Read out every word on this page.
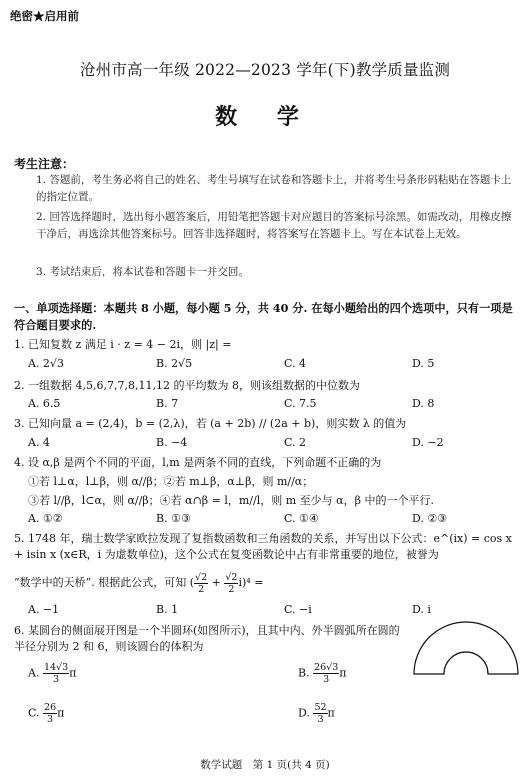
绝密★启用前
沧州市高一年级 2022—2023 学年(下)教学质量监测
数 学
考生注意：
1. 答题前，考生务必将自己的姓名、考生号填写在试卷和答题卡上，并将考生号条形码粘贴在答题卡上的指定位置。
2. 回答选择题时，选出每小题答案后，用铅笔把答题卡对应题目的答案标号涂黑。如需改动，用橡皮擦干净后，再选涂其他答案标号。回答非选择题时，将答案写在答题卡上。写在本试卷上无效。
3. 考试结束后，将本试卷和答题卡一并交回。
一、单项选择题：本题共 8 小题，每小题 5 分，共 40 分. 在每小题给出的四个选项中，只有一项是符合题目要求的.
1. 已知复数 z 满足 i · z = 4 − 2i，则 |z| =
A. 2√3	B. 2√5	C. 4	D. 5
2. 一组数据 4,5,6,7,7,8,11,12 的平均数为 8，则该组数据的中位数为
A. 6.5	B. 7	C. 7.5	D. 8
3. 已知向量 a = (2,4)，b = (2,λ)，若 (a + 2b) // (2a + b)，则实数 λ 的值为
A. 4	B. −4	C. 2	D. −2
4. 设 α,β 是两个不同的平面，l,m 是两条不同的直线，下列命题不正确的为
①若 l⊥α，l⊥β，则 α//β；②若 m⊥β，α⊥β，则 m//α；
③若 l//β，l⊂α，则 α//β；④若 α∩β = l，m//l，则 m 至少与 α，β 中的一个平行.
A. ①②	B. ①③	C. ①④	D. ②③
5. 1748 年，瑞士数学家欧拉发现了复指数函数和三角函数的关系，并写出以下公式：e^(ix) = cos x + isin x (x∈R，i 为虚数单位)，这个公式在复变函数论中占有非常重要的地位，被誉为
“数学中的天桥”. 根据此公式，可知 ( $\frac{√2}{2} + \frac{√2}{2} i)^4$ =
A. −1	B. 1	C. −i	D. i
6. 某圆台的侧面展开图是一个半圆环(如图所示)，且其中内、外半圆弧所在圆的半径分别为 2 和 6，则该圆台的体积为
A. $\frac{14√3}{3}$ π	B. $\frac{26√3}{3}$ π
C. $\frac{26}{3}$ π	D. $\frac{52}{3}$ π
数学试题　第 1 页(共 4 页)
